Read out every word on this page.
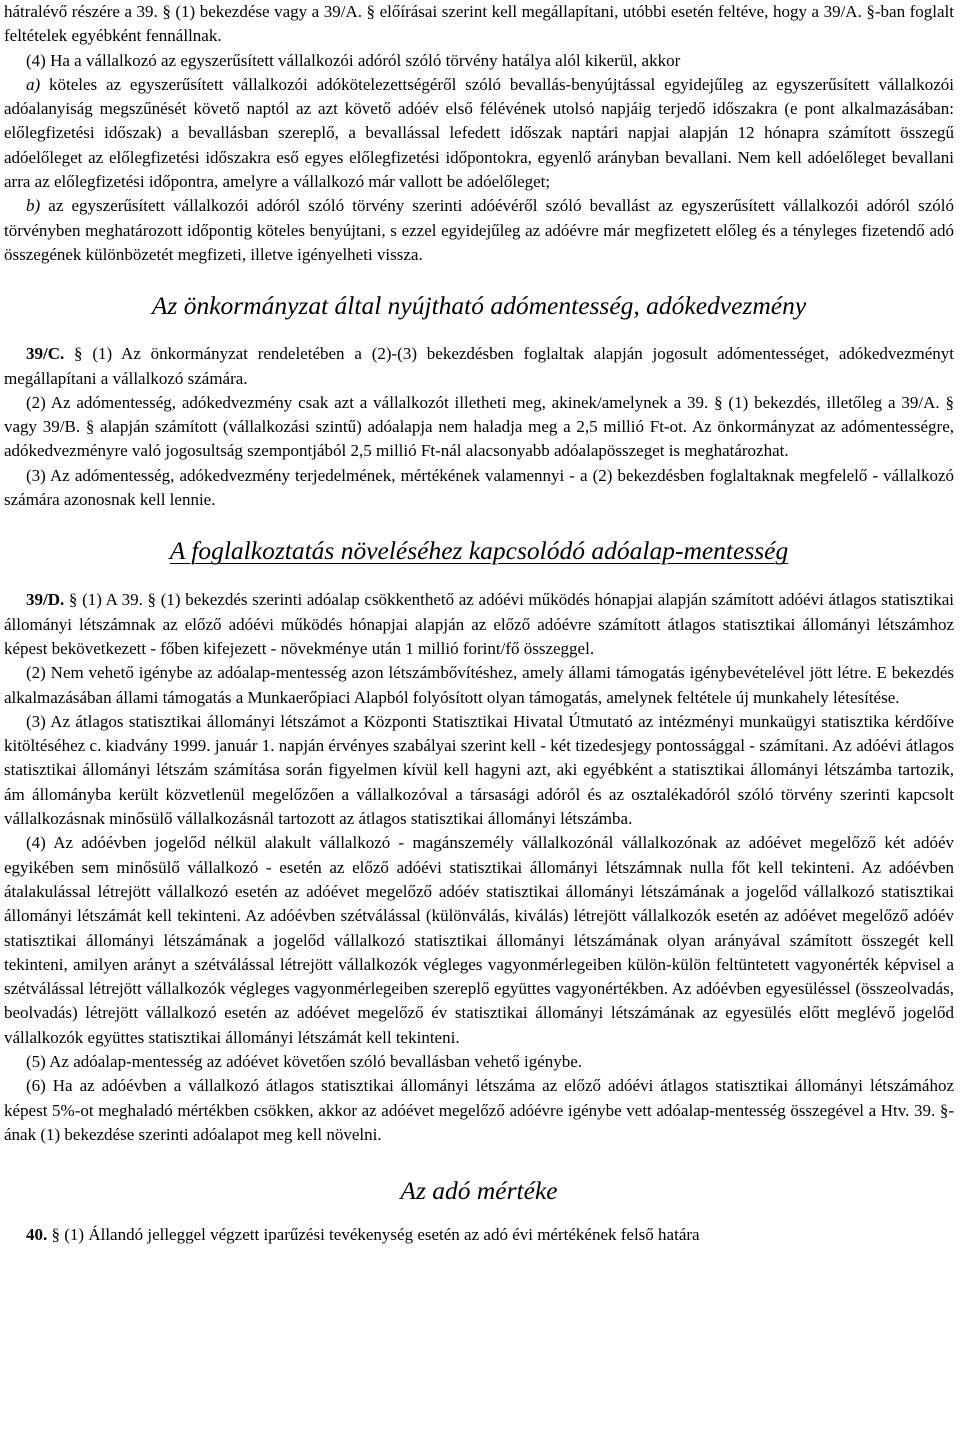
hátralévő részére a 39. § (1) bekezdése vagy a 39/A. § előírásai szerint kell megállapítani, utóbbi esetén feltéve, hogy a 39/A. §-ban foglalt feltételek egyébként fennállnak.

(4) Ha a vállalkozó az egyszerűsített vállalkozói adóról szóló törvény hatálya alól kikerül, akkor

a) köteles az egyszerűsített vállalkozói adókötelezettségéről szóló bevallás-benyújtással egyidejűleg az egyszerűsített vállalkozói adóalanyiság megszűnését követő naptól az azt követő adóév első félévének utolsó napjáig terjedő időszakra (e pont alkalmazásában: előlegfizetési időszak) a bevallásban szereplő, a bevallással lefedett időszak naptári napjai alapján 12 hónapra számított összegű adóelőleget az előlegfizetési időszakra eső egyes előlegfizetési időpontokra, egyenlő arányban bevallani. Nem kell adóelőleget bevallani arra az előlegfizetési időpontra, amelyre a vállalkozó már vallott be adóelőleget;

b) az egyszerűsített vállalkozói adóról szóló törvény szerinti adóévéről szóló bevallást az egyszerűsített vállalkozói adóról szóló törvényben meghatározott időpontig köteles benyújtani, s ezzel egyidejűleg az adóévre már megfizetett előleg és a tényleges fizetendő adó összegének különbözetét megfizeti, illetve igényelheti vissza.

Az önkormányzat által nyújtható adómentesség, adókedvezmény

39/C. § (1) Az önkormányzat rendeletében a (2)-(3) bekezdésben foglaltak alapján jogosult adómentességet, adókedvezményt megállapítani a vállalkozó számára.

(2) Az adómentesség, adókedvezmény csak azt a vállalkozót illetheti meg, akinek/amelynek a 39. § (1) bekezdés, illetőleg a 39/A. § vagy 39/B. § alapján számított (vállalkozási szintű) adóalapja nem haladja meg a 2,5 millió Ft-ot. Az önkormányzat az adómentességre, adókedvezményre való jogosultság szempontjából 2,5 millió Ft-nál alacsonyabb adóalapösszeget is meghatározhat.

(3) Az adómentesség, adókedvezmény terjedelmének, mértékének valamennyi - a (2) bekezdésben foglaltaknak megfelelő - vállalkozó számára azonosnak kell lennie.

A foglalkoztatás növeléséhez kapcsolódó adóalap-mentesség

39/D. § (1) A 39. § (1) bekezdés szerinti adóalap csökkenthető az adóévi működés hónapjai alapján számított adóévi átlagos statisztikai állományi létszámnak az előző adóévi működés hónapjai alapján az előző adóévre számított átlagos statisztikai állományi létszámhoz képest bekövetkezett - főben kifejezett - növekménye után 1 millió forint/fő összeggel.

(2) Nem vehető igénybe az adóalap-mentesség azon létszámbővítéshez, amely állami támogatás igénybevételével jött létre. E bekezdés alkalmazásában állami támogatás a Munkaerőpiaci Alapból folyósított olyan támogatás, amelynek feltétele új munkahely létesítése.

(3) Az átlagos statisztikai állományi létszámot a Központi Statisztikai Hivatal Útmutató az intézményi munkaügyi statisztika kérdőíve kitöltéséhez c. kiadvány 1999. január 1. napján érvényes szabályai szerint kell - két tizedesjegy pontossággal - számítani. Az adóévi átlagos statisztikai állományi létszám számítása során figyelmen kívül kell hagyni azt, aki egyébként a statisztikai állományi létszámba tartozik, ám állományba került közvetlenül megelőzően a vállalkozóval a társasági adóról és az osztalékadóról szóló törvény szerinti kapcsolt vállalkozásnak minősülő vállalkozásnál tartozott az átlagos statisztikai állományi létszámba.

(4) Az adóévben jogelőd nélkül alakult vállalkozó - magánszemély vállalkozónál vállalkozónak az adóévet megelőző két adóév egyikében sem minősülő vállalkozó - esetén az előző adóévi statisztikai állományi létszámnak nulla főt kell tekinteni. Az adóévben átalakulással létrejött vállalkozó esetén az adóévet megelőző adóév statisztikai állományi létszámának a jogelőd vállalkozó statisztikai állományi létszámát kell tekinteni. Az adóévben szétválással (különválás, kiválás) létrejött vállalkozók esetén az adóévet megelőző adóév statisztikai állományi létszámának a jogelőd vállalkozó statisztikai állományi létszámának olyan arányával számított összegét kell tekinteni, amilyen arányt a szétválással létrejött vállalkozók végleges vagyonmérlegeiben külön-külön feltüntetett vagyonérték képvisel a szétválással létrejött vállalkozók végleges vagyonmérlegeiben szereplő együttes vagyonértékben. Az adóévben egyesüléssel (összeolvadás, beolvadás) létrejött vállalkozó esetén az adóévet megelőző év statisztikai állományi létszámának az egyesülés előtt meglévő jogelőd vállalkozók együttes statisztikai állományi létszámát kell tekinteni.

(5) Az adóalap-mentesség az adóévet követően szóló bevallásban vehető igénybe.

(6) Ha az adóévben a vállalkozó átlagos statisztikai állományi létszáma az előző adóévi átlagos statisztikai állományi létszámához képest 5%-ot meghaladó mértékben csökken, akkor az adóévet megelőző adóévre igénybe vett adóalap-mentesség összegével a Htv. 39. §-ának (1) bekezdése szerinti adóalapot meg kell növelni.

Az adó mértéke

40. § (1) Állandó jelleggel végzett iparűzési tevékenység esetén az adó évi mértékének felső határa
